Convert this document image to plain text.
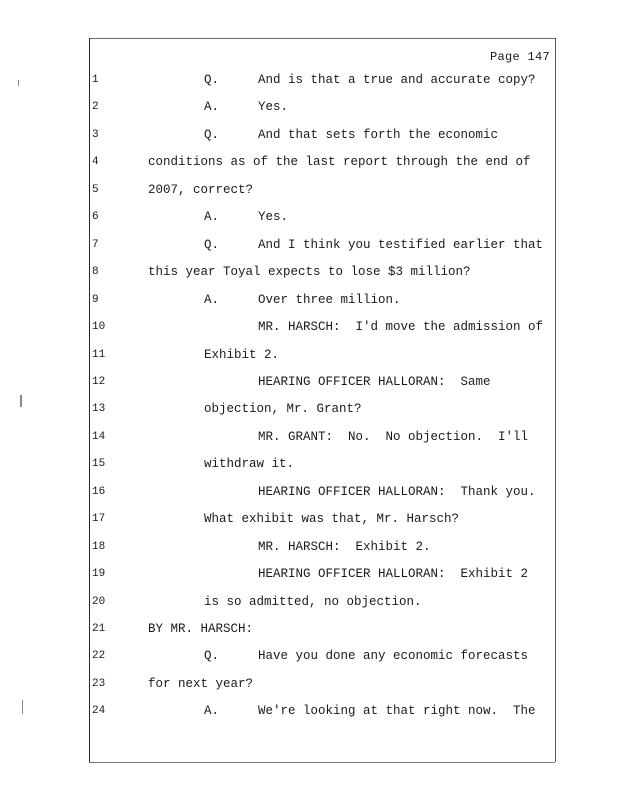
Page 147
1	Q.	And is that a true and accurate copy?
2	A.	Yes.
3	Q.	And that sets forth the economic
4	conditions as of the last report through the end of
5	2007, correct?
6	A.	Yes.
7	Q.	And I think you testified earlier that
8	this year Toyal expects to lose $3 million?
9	A.	Over three million.
10	MR. HARSCH:  I'd move the admission of
11	Exhibit 2.
12	HEARING OFFICER HALLORAN:  Same
13	objection, Mr. Grant?
14	MR. GRANT:  No.  No objection.  I'll
15	withdraw it.
16	HEARING OFFICER HALLORAN:  Thank you.
17	What exhibit was that, Mr. Harsch?
18	MR. HARSCH:  Exhibit 2.
19	HEARING OFFICER HALLORAN:  Exhibit 2
20	is so admitted, no objection.
21	BY MR. HARSCH:
22	Q.	Have you done any economic forecasts
23	for next year?
24	A.	We're looking at that right now.  The
